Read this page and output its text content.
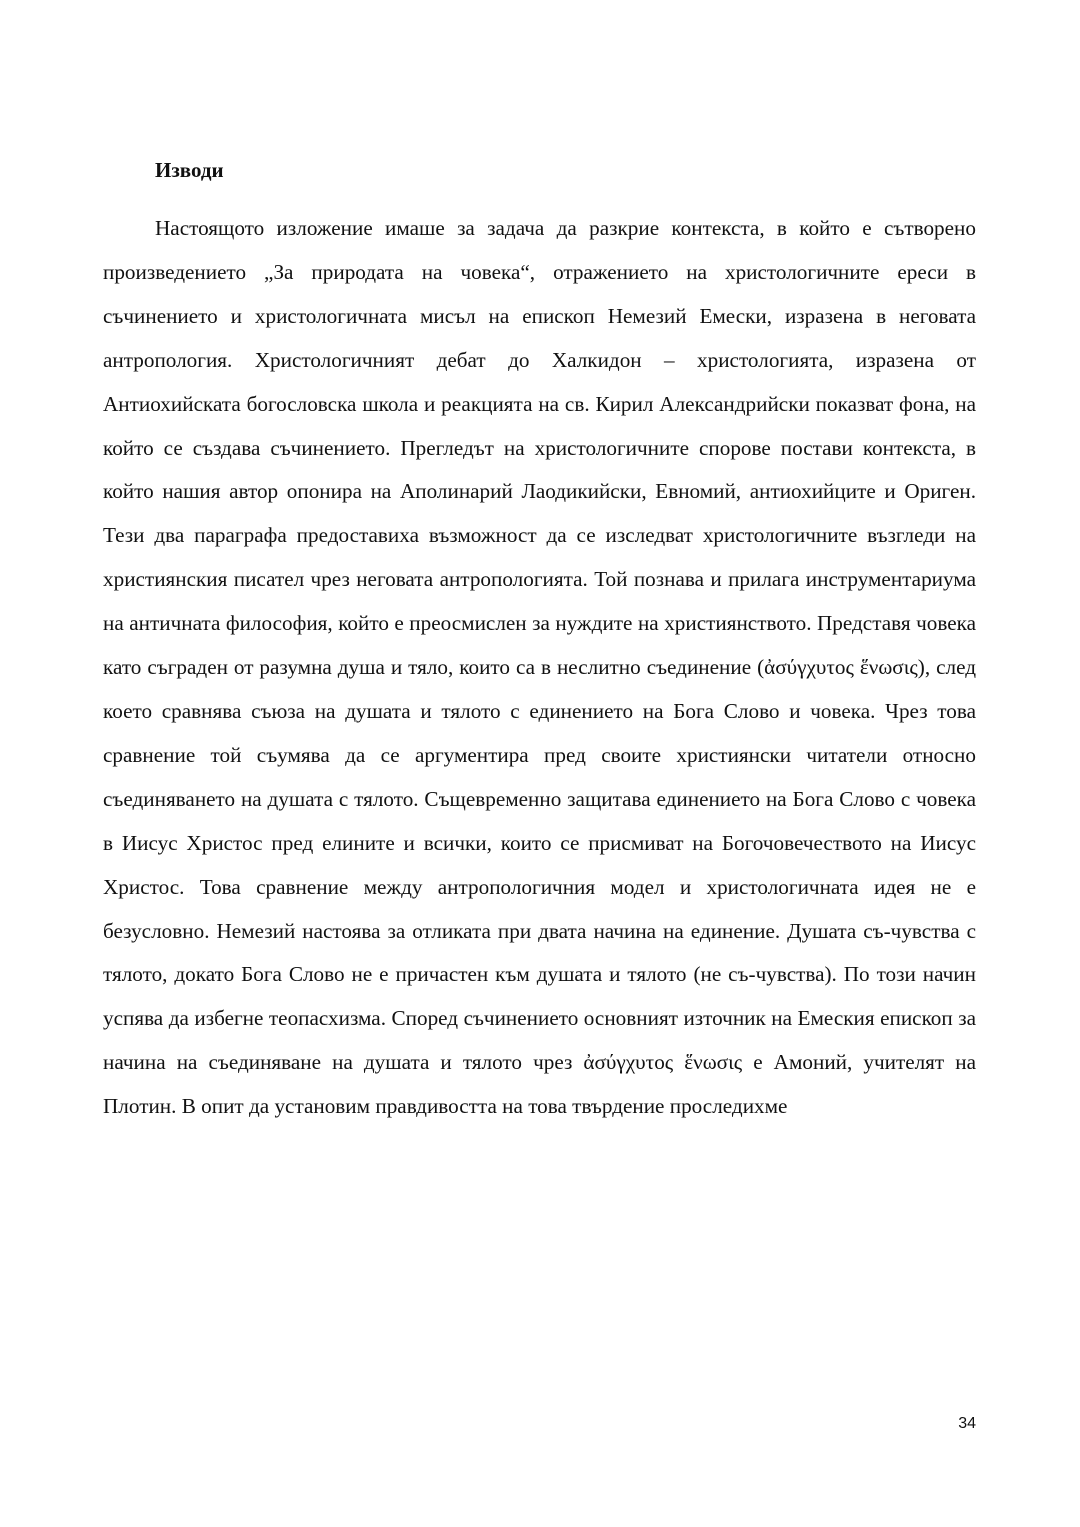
Изводи

Настоящото изложение имаше за задача да разкрие контекста, в който е сътворено произведението „За природата на човека“, отражението на христологичните ереси в съчинението и христологичната мисъл на епископ Немезий Емески, изразена в неговата антропология. Христологичният дебат до Халкидон – христологията, изразена от Антиохийската богословска школа и реакцията на св. Кирил Александрийски показват фона, на който се създава съчинението. Прегледът на христологичните спорове постави контекста, в който нашия автор опонира на Аполинарий Лаодикийски, Евномий, антиохийците и Ориген. Тези два параграфа предоставиха възможност да се изследват христологичните възгледи на християнския писател чрез неговата антропологията. Той познава и прилага инструментариума на античната философия, който е преосмислен за нуждите на християнството. Представя човека като съграден от разумна душа и тяло, които са в неслитно съединение (ἀσύγχυτος ἕνωσις), след което сравнява съюза на душата и тялото с единението на Бога Слово и човека. Чрез това сравнение той съумява да се аргументира пред своите християнски читатели относно съединяването на душата с тялото. Същевременно защитава единението на Бога Слово с човека в Иисус Христос пред елините и всички, които се присмиват на Богочовечеството на Иисус Христос. Това сравнение между антропологичния модел и христологичната идея не е безусловно. Немезий настоява за отликата при двата начина на единение. Душата съ-чувства с тялото, докато Бога Слово не е причастен към душата и тялото (не съ-чувства). По този начин успява да избегне теопасхизма. Според съчинението основният източник на Емеския епископ за начина на съединяване на душата и тялото чрез ἀσύγχυτος ἕνωσις е Амоний, учителят на Плотин. В опит да установим правдивостта на това твърдение проследихме

34
